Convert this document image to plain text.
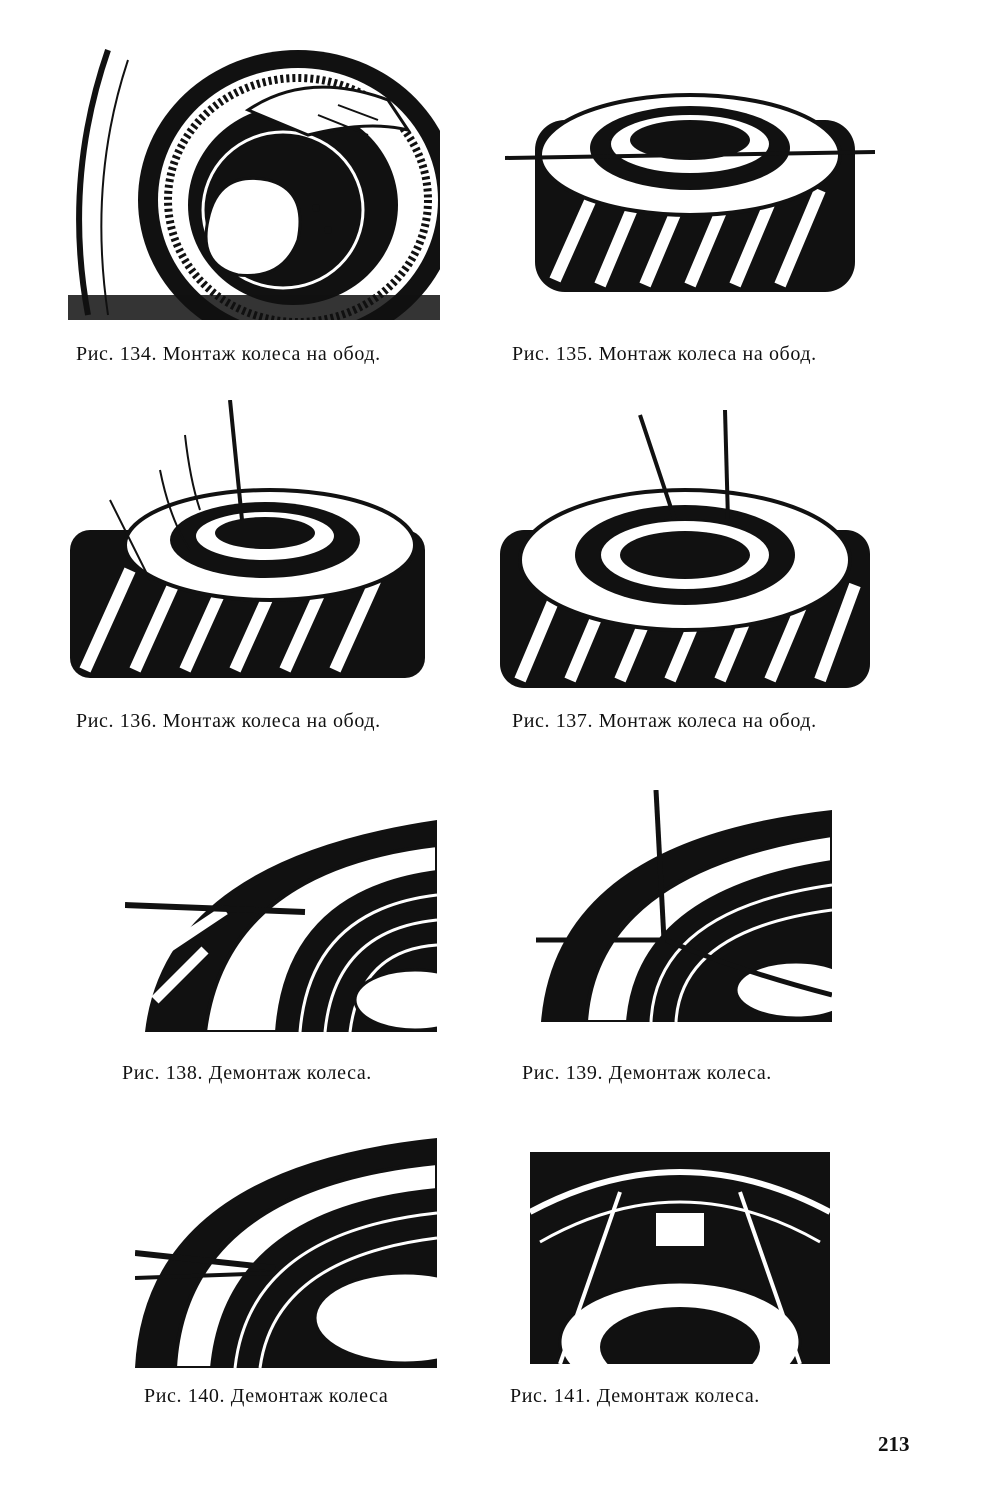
Рис. 134. Монтаж колеса на обод.	Рис. 135. Монтаж колеса на обод.
Рис. 136. Монтаж колеса на обод.	Рис. 137. Монтаж колеса на обод.
Рис. 138. Демонтаж колеса.	Рис. 139. Демонтаж колеса.
Рис. 140. Демонтаж колеса	Рис. 141. Демонтаж колеса.
213
